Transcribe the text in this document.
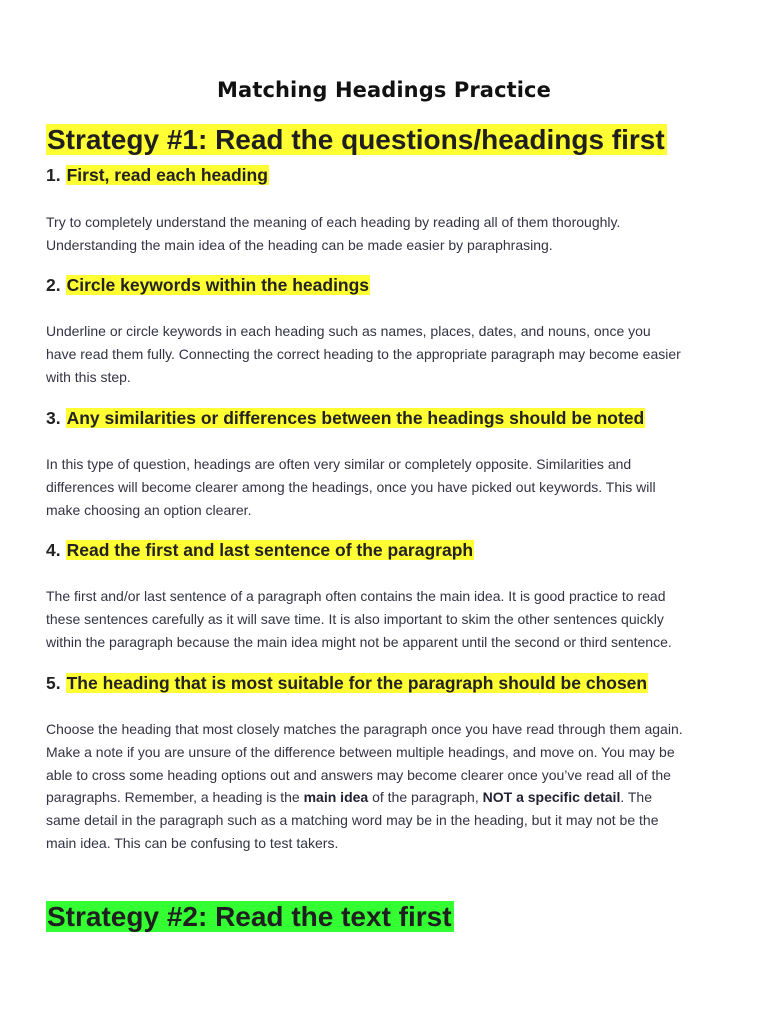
Matching Headings Practice
Strategy #1: Read the questions/headings first
1. First, read each heading

Try to completely understand the meaning of each heading by reading all of them thoroughly.

Understanding the main idea of the heading can be made easier by paraphrasing.

2. Circle keywords within the headings

Underline or circle keywords in each heading such as names, places, dates, and nouns, once you

have read them fully. Connecting the correct heading to the appropriate paragraph may become easier

with this step.

3. Any similarities or differences between the headings should be noted

In this type of question, headings are often very similar or completely opposite. Similarities and

differences will become clearer among the headings, once you have picked out keywords. This will

make choosing an option clearer.

4. Read the first and last sentence of the paragraph

The first and/or last sentence of a paragraph often contains the main idea. It is good practice to read

these sentences carefully as it will save time. It is also important to skim the other sentences quickly

within the paragraph because the main idea might not be apparent until the second or third sentence.

5. The heading that is most suitable for the paragraph should be chosen

Choose the heading that most closely matches the paragraph once you have read through them again.

Make a note if you are unsure of the difference between multiple headings, and move on. You may be

able to cross some heading options out and answers may become clearer once you’ve read all of the

paragraphs. Remember, a heading is the main idea of the paragraph, NOT a specific detail. The

same detail in the paragraph such as a matching word may be in the heading, but it may not be the

main idea. This can be confusing to test takers.

Strategy #2: Read the text first
